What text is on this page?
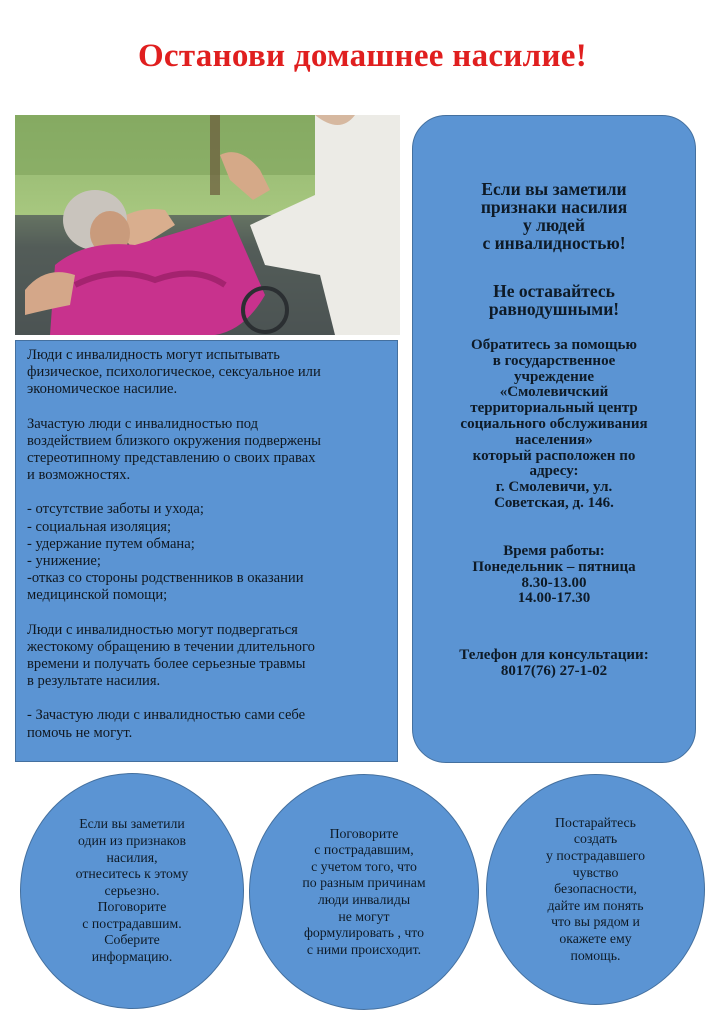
Останови домашнее насилие!

Люди с инвалидность могут испытывать
физическое, психологическое, сексуальное или
экономическое насилие.

Зачастую люди с инвалидностью под
воздействием близкого окружения подвержены
стереотипному представлению о своих правах
и возможностях.

- отсутствие заботы и ухода;
- социальная изоляция;
- удержание путем обмана;
- унижение;
-отказ со стороны родственников в оказании
медицинской помощи;

Люди с инвалидностью могут подвергаться
жестокому обращению в течении длительного
времени и получать более серьезные травмы
в результате насилия.

- Зачастую люди с инвалидностью сами себе
помочь не могут.

Если вы заметили
признаки насилия
у людей
с инвалидностью!
Не оставайтесь
равнодушными!
Обратитесь за помощью
в государственное
учреждение
«Смолевичский
территориальный центр
социального обслуживания
населения»
который расположен по
адресу:
г. Смолевичи, ул.
Советская, д. 146.
Время работы:
Понедельник – пятница
8.30-13.00
14.00-17.30
Телефон для консультации:
8017(76) 27-1-02
Если вы заметили
один из признаков
насилия,
отнеситесь к этому
серьезно.
Поговорите
с пострадавшим.
Соберите
информацию.
Поговорите
с пострадавшим,
с учетом того, что
по разным причинам
люди инвалиды
не могут
формулировать , что
с ними происходит.
Постарайтесь
создать
у пострадавшего
чувство
безопасности,
дайте им понять
что вы рядом и
окажете ему
помощь.
